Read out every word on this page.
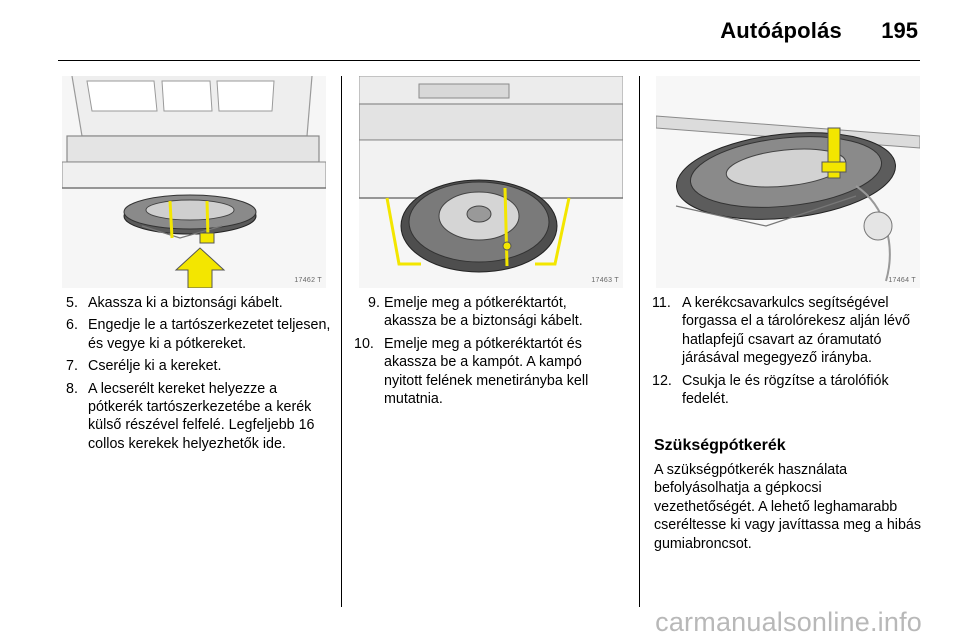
Autóápolás 195
17462 T	17463 T	17464 T
5. Akassza ki a biztonsági kábelt.
6. Engedje le a tartószerkezetet teljesen, és vegye ki a pótkereket.
7. Cserélje ki a kereket.
8. A lecserélt kereket helyezze a pótkerék tartószerkezetébe a kerék külső részével felfelé. Legfeljebb 16 collos kerekek helyezhetők ide.
9. Emelje meg a pótkeréktartót, akassza be a biztonsági kábelt.
10. Emelje meg a pótkeréktartót és akassza be a kampót. A kampó nyitott felének menetirányba kell mutatnia.
11. A kerékcsavarkulcs segítségével forgassa el a tárolórekesz alján lévő hatlapfejű csavart az óramutató járásával megegyező irányba.
12. Csukja le és rögzítse a tárolófiók fedelét.
Szükségpótkerék
A szükségpótkerék használata befolyásolhatja a gépkocsi vezethetőségét. A lehető leghamarabb cseréltesse ki vagy javíttassa meg a hibás gumiabroncsot.
carmanualsonline.info
